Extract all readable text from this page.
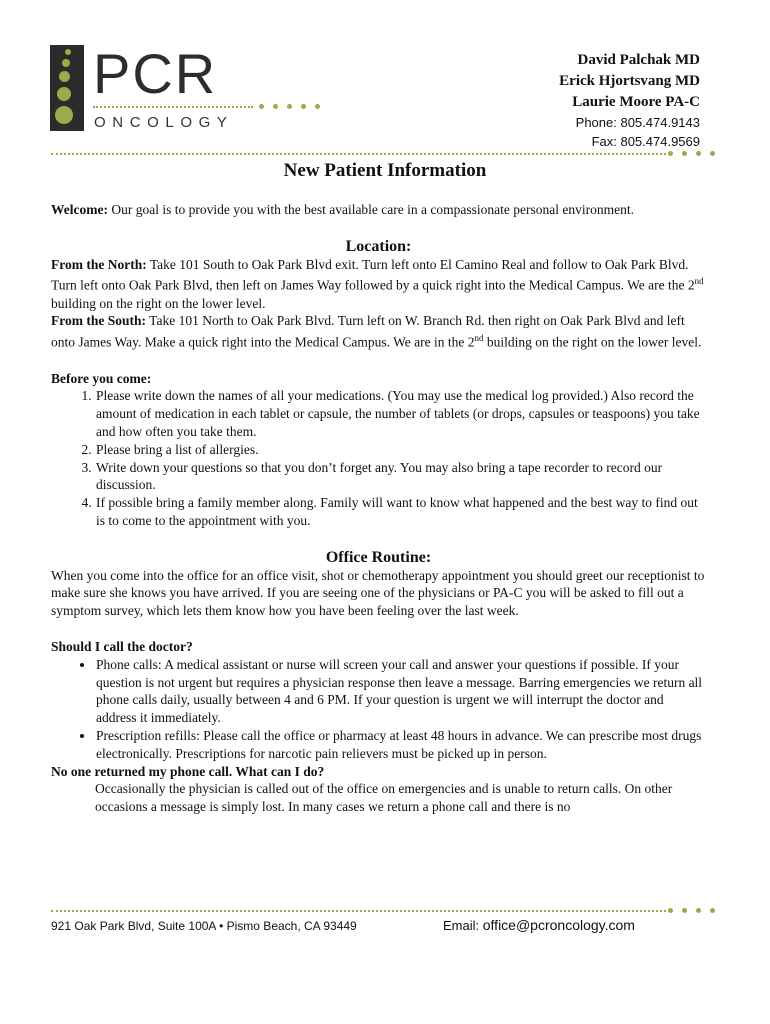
PCR
ONCOLOGY
David Palchak MD
Erick Hjortsvang MD
Laurie Moore PA-C
Phone: 805.474.9143
Fax: 805.474.9569
New Patient Information

Welcome: Our goal is to provide you with the best available care in a compassionate personal environment.

Location:

From the North: Take 101 South to Oak Park Blvd exit. Turn left onto El Camino Real and follow to Oak Park Blvd. Turn left onto Oak Park Blvd, then left on James Way followed by a quick right into the Medical Campus. We are the 2nd building on the right on the lower level.

From the South: Take 101 North to Oak Park Blvd. Turn left on W. Branch Rd. then right on Oak Park Blvd and left onto James Way. Make a quick right into the Medical Campus. We are in the 2nd building on the right on the lower level.

Before you come:

1. Please write down the names of all your medications. (You may use the medical log provided.) Also record the amount of medication in each tablet or capsule, the number of tablets (or drops, capsules or teaspoons) you take and how often you take them.
2. Please bring a list of allergies.
3. Write down your questions so that you don’t forget any. You may also bring a tape recorder to record our discussion.
4. If possible bring a family member along. Family will want to know what happened and the best way to find out is to come to the appointment with you.

Office Routine:

When you come into the office for an office visit, shot or chemotherapy appointment you should greet our receptionist to make sure she knows you have arrived. If you are seeing one of the physicians or PA-C you will be asked to fill out a symptom survey, which lets them know how you have been feeling over the last week.

Should I call the doctor?

• Phone calls: A medical assistant or nurse will screen your call and answer your questions if possible. If your question is not urgent but requires a physician response then leave a message. Barring emergencies we return all phone calls daily, usually between 4 and 6 PM. If your question is urgent we will interrupt the doctor and address it immediately.
• Prescription refills: Please call the office or pharmacy at least 48 hours in advance. We can prescribe most drugs electronically. Prescriptions for narcotic pain relievers must be picked up in person.

No one returned my phone call. What can I do?

Occasionally the physician is called out of the office on emergencies and is unable to return calls. On other occasions a message is simply lost. In many cases we return a phone call and there is no

921 Oak Park Blvd, Suite 100A • Pismo Beach, CA 93449	Email: office@pcroncology.com
